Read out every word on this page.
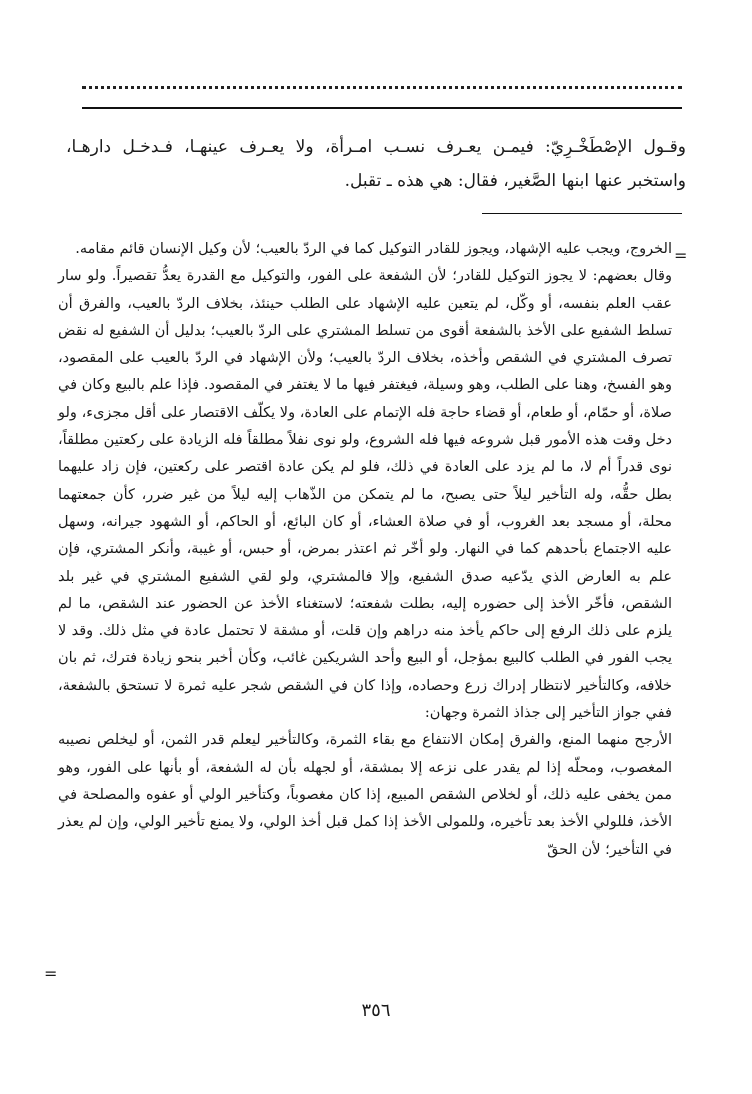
وقـول الإصْطَخْـرِيّ: فيمـن يعـرف نسـب امـرأة، ولا يعـرف عينهـا، فـدخـل دارهـا، واستخبر عنها ابنها الصَّغير، فقال: هي هذه ـ تقبل.
=

الخروج، ويجب عليه الإشهاد، ويجوز للقادر التوكيل كما في الردّ بالعيب؛ لأن وكيل الإنسان قائم مقامه.

وقال بعضهم: لا يجوز التوكيل للقادر؛ لأن الشفعة على الفور، والتوكيل مع القدرة يعدُّ تقصيراً. ولو سار عقب العلم بنفسه، أو وكّل، لم يتعين عليه الإشهاد على الطلب حينئذ، بخلاف الردّ بالعيب، والفرق أن تسلط الشفيع على الأخذ بالشفعة أقوى من تسلط المشتري على الردّ بالعيب؛ بدليل أن الشفيع له نقض تصرف المشتري في الشقص وأخذه، بخلاف الردّ بالعيب؛ ولأن الإشهاد في الردّ بالعيب على المقصود، وهو الفسخ، وهنا على الطلب، وهو وسيلة، فيغتفر فيها ما لا يغتفر في المقصود. فإذا علم بالبيع وكان في صلاة، أو حمّام، أو طعام، أو قضاء حاجة فله الإتمام على العادة، ولا يكلّف الاقتصار على أقل مجزىء، ولو دخل وقت هذه الأمور قبل شروعه فيها فله الشروع، ولو نوى نفلاً مطلقاً فله الزيادة على ركعتين مطلقاً، نوى قدراً أم لا، ما لم يزد على العادة في ذلك، فلو لم يكن عادة اقتصر على ركعتين، فإن زاد عليهما بطل حقُّه، وله التأخير ليلاً حتى يصبح، ما لم يتمكن من الذّهاب إليه ليلاً من غير ضرر، كأن جمعتهما محلة، أو مسجد بعد الغروب، أو في صلاة العشاء، أو كان البائع، أو الحاكم، أو الشهود جيرانه، وسهل عليه الاجتماع بأحدهم كما في النهار. ولو أخّر ثم اعتذر بمرض، أو حبس، أو غيبة، وأنكر المشتري، فإن علم به العارض الذي يدّعيه صدق الشفيع، وإلا فالمشتري، ولو لقي الشفيع المشتري في غير بلد الشقص، فأخّر الأخذ إلى حضوره إليه، بطلت شفعته؛ لاستغناء الأخذ عن الحضور عند الشقص، ما لم يلزم على ذلك الرفع إلى حاكم يأخذ منه دراهم وإن قلت، أو مشقة لا تحتمل عادة في مثل ذلك. وقد لا يجب الفور في الطلب كالبيع بمؤجل، أو البيع وأحد الشريكين غائب، وكأن أخبر بنحو زيادة فترك، ثم بان خلافه، وكالتأخير لانتظار إدراك زرع وحصاده، وإذا كان في الشقص شجر عليه ثمرة لا تستحق بالشفعة، ففي جواز التأخير إلى جذاذ الثمرة وجهان:

الأرجح منهما المنع، والفرق إمكان الانتفاع مع بقاء الثمرة، وكالتأخير ليعلم قدر الثمن، أو ليخلص نصيبه المغصوب، ومحلّه إذا لم يقدر على نزعه إلا بمشقة، أو لجهله بأن له الشفعة، أو بأنها على الفور، وهو ممن يخفى عليه ذلك، أو لخلاص الشقص المبيع، إذا كان مغصوباً، وكتأخير الولي أو عفوه والمصلحة في الأخذ، فللولي الأخذ بعد تأخيره، وللمولى الأخذ إذا كمل قبل أخذ الولي، ولا يمنع تأخير الولي، وإن لم يعذر في التأخير؛ لأن الحقّ

=
٣٥٦
